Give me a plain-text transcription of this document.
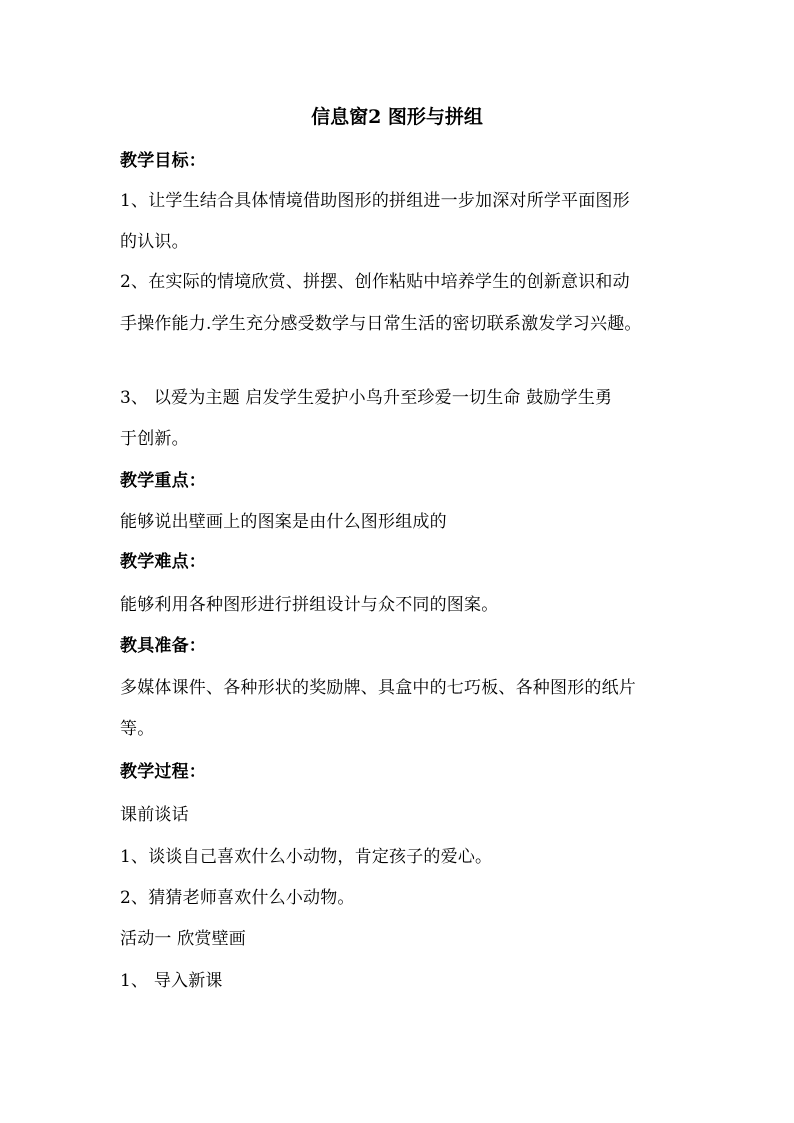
信息窗2 图形与拼组
教学目标：
1、让学生结合具体情境借助图形的拼组进一步加深对所学平面图形
的认识。
2、在实际的情境欣赏、拼摆、创作粘贴中培养学生的创新意识和动
手操作能力.学生充分感受数学与日常生活的密切联系激发学习兴趣。
3、 以爱为主题 启发学生爱护小鸟升至珍爱一切生命 鼓励学生勇
于创新。
教学重点：
能够说出壁画上的图案是由什么图形组成的
教学难点：
能够利用各种图形进行拼组设计与众不同的图案。
教具准备：
多媒体课件、各种形状的奖励牌、具盒中的七巧板、各种图形的纸片
等。
教学过程：
课前谈话
1、谈谈自己喜欢什么小动物，肯定孩子的爱心。
2、猜猜老师喜欢什么小动物。
活动一 欣赏壁画
1、 导入新课
